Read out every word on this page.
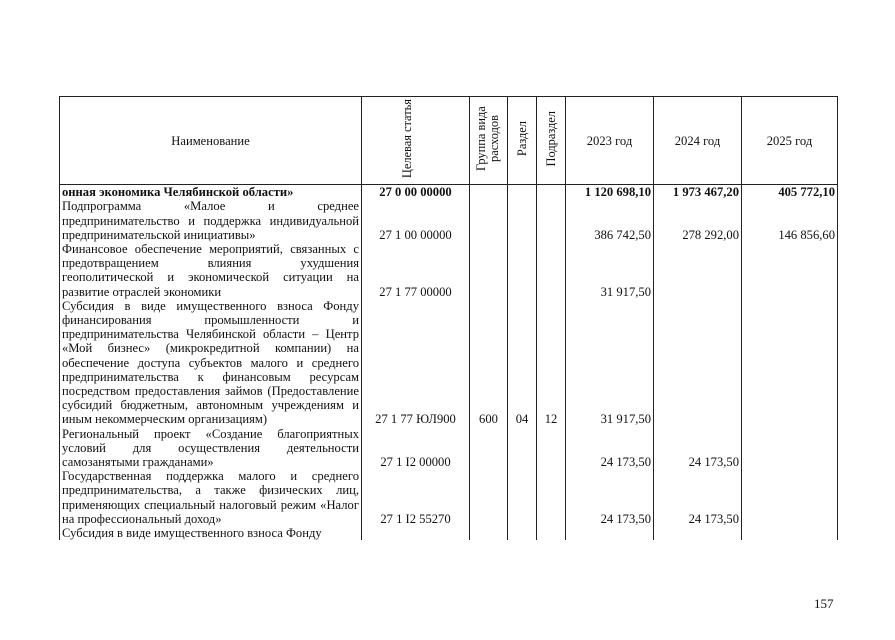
Наименование	Целевая статья	Группа вида расходов	Раздел	Подраздел	2023 год	2024 год	2025 год
онная экономика Челябинской области»	27 0 00 00000				1 120 698,10	1 973 467,20	405 772,10
Подпрограмма «Малое и среднее предпринимательство и поддержка индивидуальной предпринимательской инициативы»	27 1 00 00000				386 742,50	278 292,00	146 856,60
Финансовое обеспечение мероприятий, связанных с предотвращением влияния ухудшения геополитической и экономической ситуации на развитие отраслей экономики	27 1 77 00000				31 917,50		
Субсидия в виде имущественного взноса Фонду финансирования промышленности и предпринимательства Челябинской области – Центр «Мой бизнес» (микрокредитной компании) на обеспечение доступа субъектов малого и среднего предпринимательства к финансовым ресурсам посредством предоставления займов (Предоставление субсидий бюджетным, автономным учреждениям и иным некоммерческим организациям)	27 1 77 ЮЛ900	600	04	12	31 917,50		
Региональный проект «Создание благоприятных условий для осуществления деятельности самозанятыми гражданами»	27 1 I2 00000				24 173,50	24 173,50	
Государственная поддержка малого и среднего предпринимательства, а также физических лиц, применяющих специальный налоговый режим «Налог на профессиональный доход»	27 1 I2 55270				24 173,50	24 173,50	
Субсидия в виде имущественного взноса Фонду							
157
